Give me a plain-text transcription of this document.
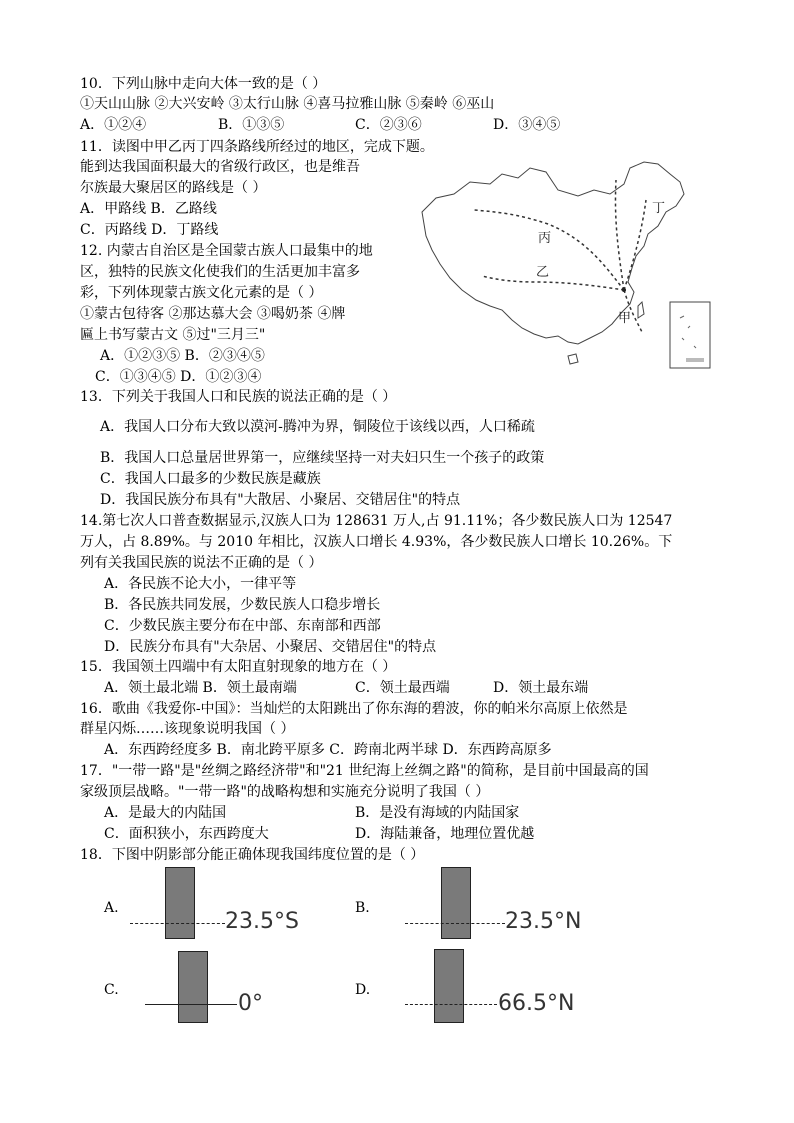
10．下列山脉中走向大体一致的是（ ）
①天山山脉 ②大兴安岭 ③太行山脉 ④喜马拉雅山脉 ⑤秦岭 ⑥巫山
A．①②④	B．①③⑤	C．②③⑥	D．③④⑤
11．读图中甲乙丙丁四条路线所经过的地区，完成下题。
能到达我国面积最大的省级行政区，也是维吾
尔族最大聚居区的路线是（ ）
A．甲路线 B．乙路线
C．丙路线 D．丁路线
12. 内蒙古自治区是全国蒙古族人口最集中的地
区，独特的民族文化使我们的生活更加丰富多
彩，下列体现蒙古族文化元素的是（ ）
①蒙古包待客 ②那达慕大会 ③喝奶茶 ④牌
匾上书写蒙古文 ⑤过"三月三"
A．①②③⑤ B．②③④⑤
C．①③④⑤ D．①②③④
丙
乙
丁
甲
13．下列关于我国人口和民族的说法正确的是（ ）
A．我国人口分布大致以漠河-腾冲为界，铜陵位于该线以西，人口稀疏
B．我国人口总量居世界第一，应继续坚持一对夫妇只生一个孩子的政策
C．我国人口最多的少数民族是藏族
D．我国民族分布具有"大散居、小聚居、交错居住"的特点
14.第七次人口普查数据显示,汉族人口为 128631 万人,占 91.11%；各少数民族人口为 12547
万人，占 8.89%。与 2010 年相比，汉族人口增长 4.93%，各少数民族人口增长 10.26%。下
列有关我国民族的说法不正确的是（ ）
A．各民族不论大小，一律平等
B．各民族共同发展，少数民族人口稳步增长
C．少数民族主要分布在中部、东南部和西部
D．民族分布具有"大杂居、小聚居、交错居住"的特点
15．我国领土四端中有太阳直射现象的地方在（ ）
A．领土最北端 B．领土最南端	C．领土最西端	D．领土最东端
16．歌曲《我爱你-中国》：当灿烂的太阳跳出了你东海的碧波，你的帕米尔高原上依然是
群星闪烁……该现象说明我国（ ）
A．东西跨经度多 B．南北跨平原多 C．跨南北两半球 D．东西跨高原多
17．"一带一路"是"丝绸之路经济带"和"21 世纪海上丝绸之路"的简称，是目前中国最高的国
家级顶层战略。"一带一路"的战略构想和实施充分说明了我国（ ）
A．是最大的内陆国	B．是没有海域的内陆国家
C．面积狭小，东西跨度大	D．海陆兼备，地理位置优越
18．下图中阴影部分能正确体现我国纬度位置的是（ ）
A.
23.5°S
B.
23.5°N
C.
0°
D.
66.5°N
